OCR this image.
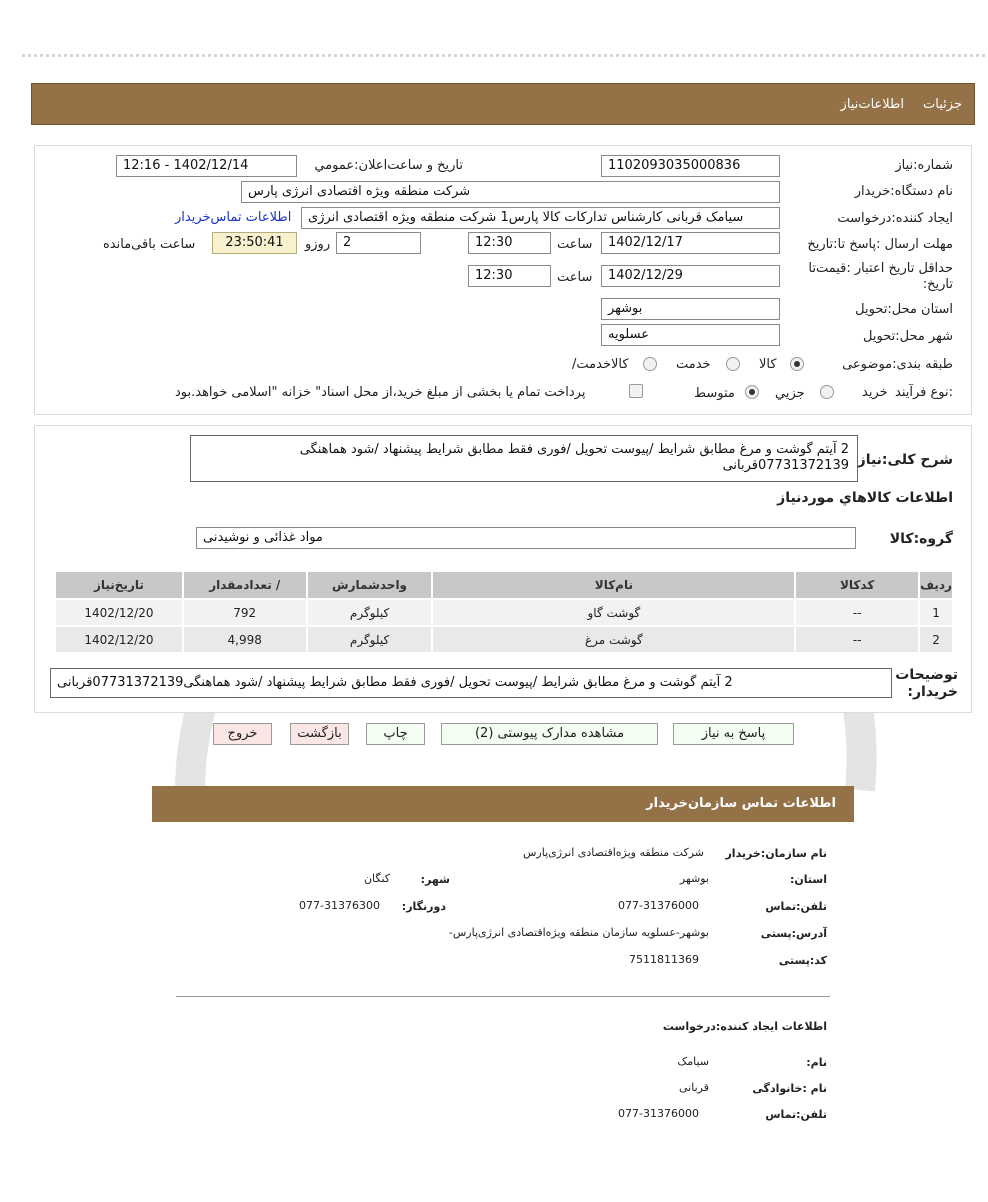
جزئیات
اطلاعات‌نیاز
شماره:نیاز
1102093035000836
تاریخ و ساعت‌اعلان:عمومي
1402/12/14 - 12:16
نام دستگاه:خریدار
شرکت منطقه ویژه اقتصادی انرژی پارس
ایجاد کننده:درخواست
سیامک قربانی کارشناس تدارکات کالا پارس1 شرکت منطقه ویژه اقتصادی انرژی
اطلاعات تماس‌خریدار
مهلت ارسال :پاسخ تا:تاریخ
1402/12/17
ساعت
12:30
2
روزو
23:50:41
ساعت باقی‌مانده
حداقل تاریخ اعتبار :قیمت‌تا
:تاریخ
1402/12/29
ساعت
12:30
استان محل:تحویل
بوشهر
شهر محل:تحویل
عسلویه
طبقه بندی:موضوعی
کالا
خدمت
/کالاخدمت
نوع فرآیند:
خرید
جزیي
متوسط
پرداخت تمام یا بخشی از مبلغ خرید،از محل اسناد" خزانه "اسلامی خواهد.بود
شرح کلی:نیاز
2 آیتم گوشت و مرغ مطابق شرایط /پیوست تحویل /فوری فقط مطابق شرایط پیشنهاد /شود هماهنگی
07731372139قربانی
اطلاعات کالاهاي مورد‌نیاز
گروه:کالا
مواد غذائی و نوشیدنی
ردیف	کدکالا	نام‌کالا	واحد‌شمارش	/ تعداد‌مقدار	تاریخ‌نیاز
1	--	گوشت گاو	کیلوگرم	792	1402/12/20
2	--	گوشت مرغ	کیلوگرم	4,998	1402/12/20
توضیحات
:خریدار
2 آیتم گوشت و مرغ مطابق شرایط /پیوست تحویل /فوری فقط مطابق شرایط پیشنهاد /شود هماهنگی07731372139قربانی
پاسخ به نیاز
مشاهده مدارک پیوستی (2)
چاپ
بازگشت
خروج
اطلاعات تماس سازمان‌خریدار
نام سازمان:خریدار
شرکت منطقه ویژه‌اقتصادی انرژی‌پارس
:استان
بوشهر
:شهر
کنگان
تلفن:تماس
077-31376000
:دورنگار
077-31376300
آدرس:پستی
-بوشهر-عسلویه سازمان منطقه ویژه‌اقتصادی انرژی‌پارس
کد:پستی
7511811369
اطلاعات ایجاد کننده:درخواست
:نام
سیامک
نام :خانوادگی
قربانی
تلفن:تماس
077-31376000
